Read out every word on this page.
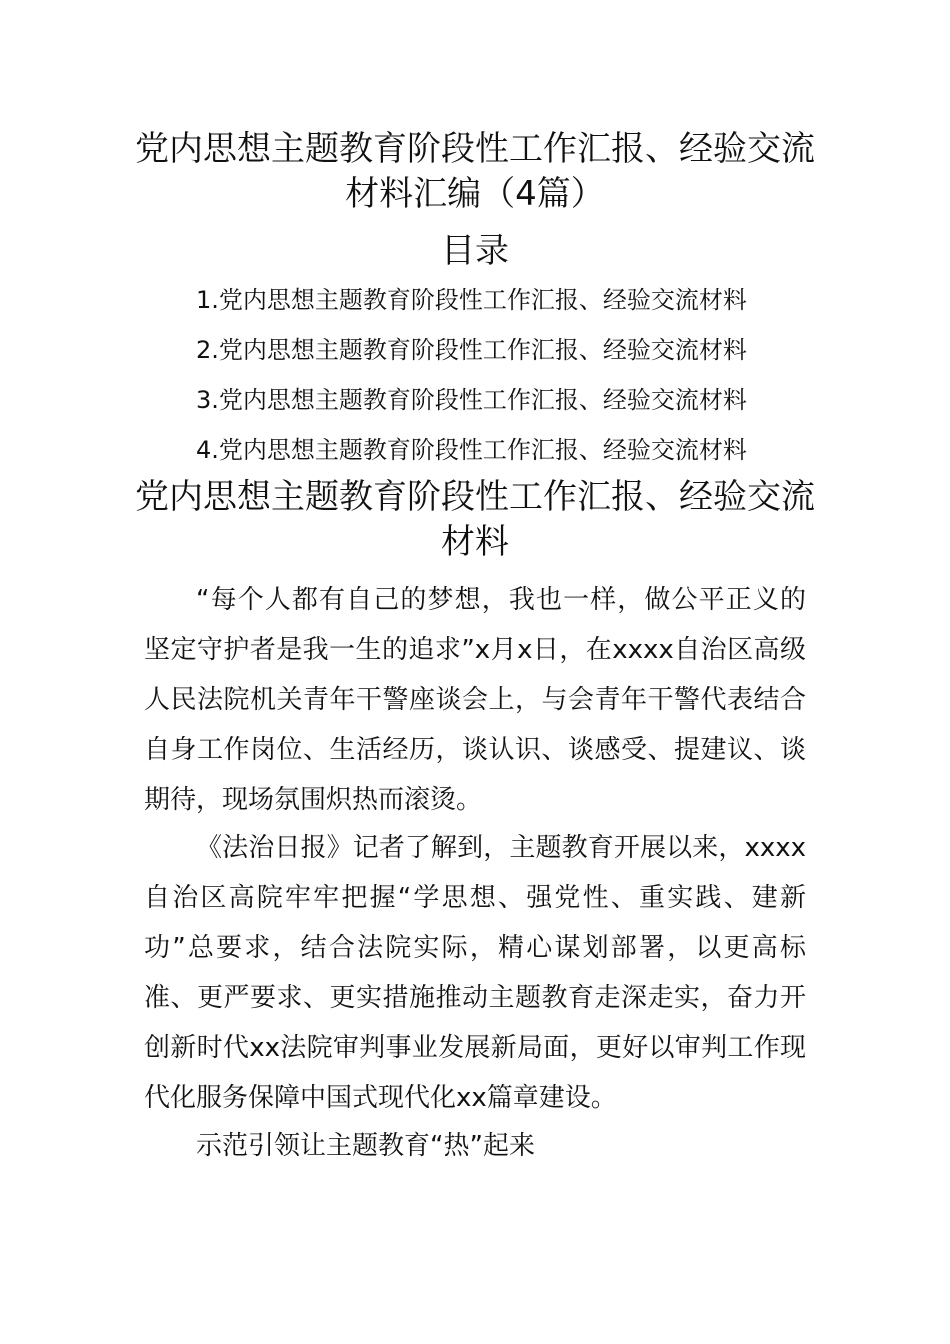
党内思想主题教育阶段性工作汇报、经验交流材料汇编（4篇）
目录
1.党内思想主题教育阶段性工作汇报、经验交流材料
2.党内思想主题教育阶段性工作汇报、经验交流材料
3.党内思想主题教育阶段性工作汇报、经验交流材料
4.党内思想主题教育阶段性工作汇报、经验交流材料
党内思想主题教育阶段性工作汇报、经验交流材料

“每个人都有自己的梦想，我也一样，做公平正义的坚定守护者是我一生的追求”x月x日，在xxxx自治区高级人民法院机关青年干警座谈会上，与会青年干警代表结合自身工作岗位、生活经历，谈认识、谈感受、提建议、谈期待，现场氛围炽热而滚烫。

《法治日报》记者了解到，主题教育开展以来，xxxx自治区高院牢牢把握“学思想、强党性、重实践、建新功”总要求，结合法院实际，精心谋划部署，以更高标准、更严要求、更实措施推动主题教育走深走实，奋力开创新时代xx法院审判事业发展新局面，更好以审判工作现代化服务保障中国式现代化xx篇章建设。

示范引领让主题教育“热”起来
